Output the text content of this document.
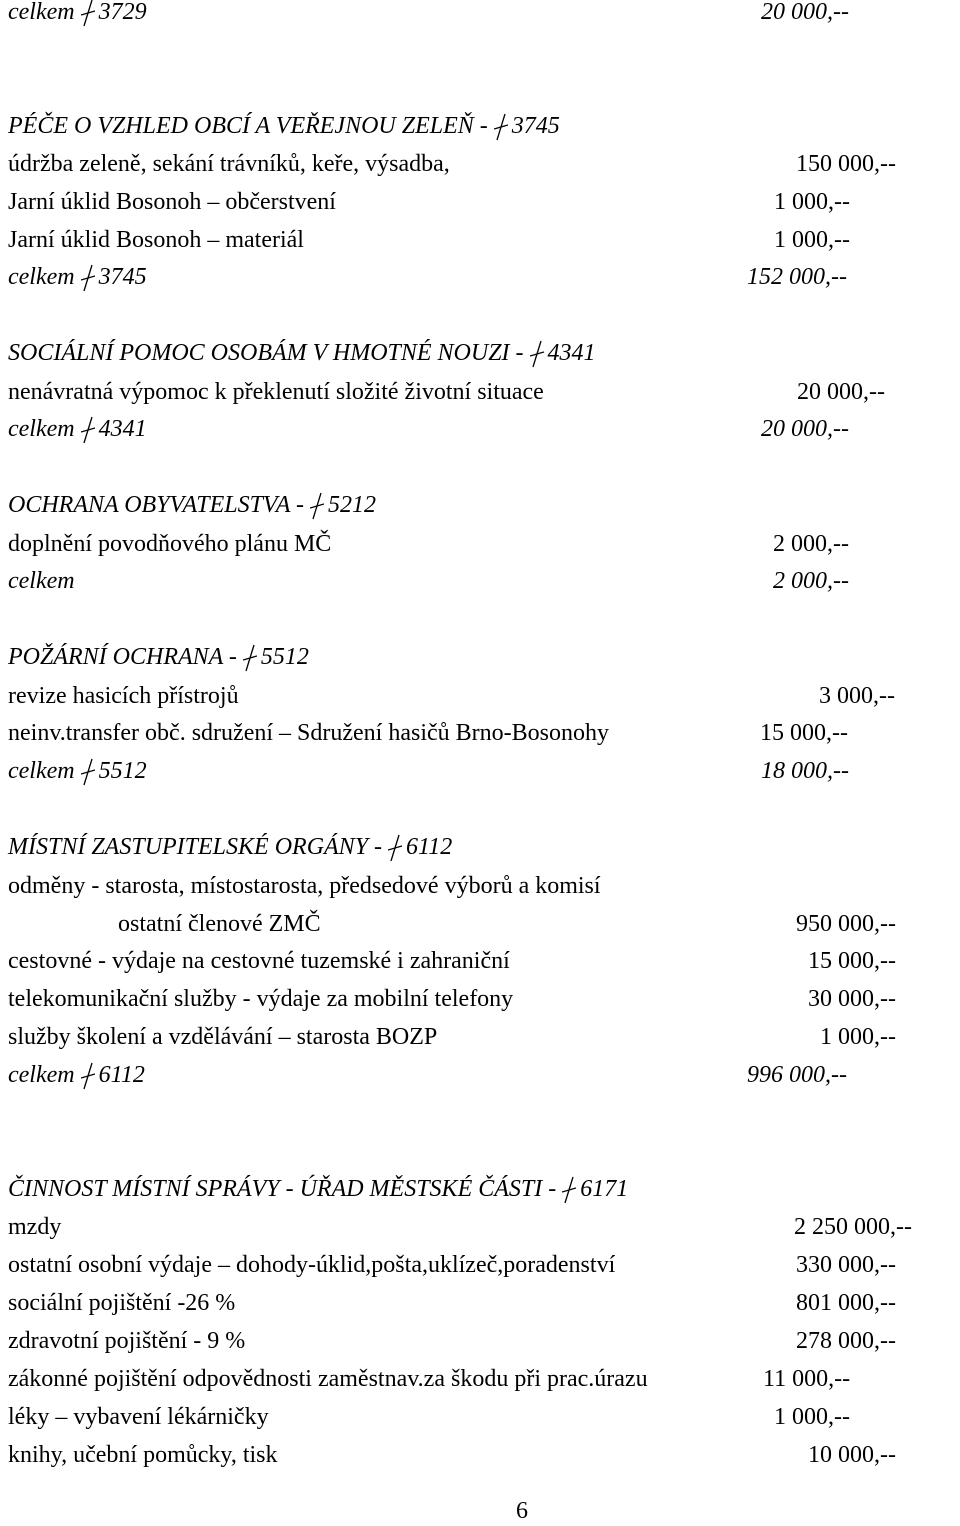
celkem 3729	20 000,--
PÉČE O VZHLED OBCÍ A VEŘEJNOU ZELEŇ - 3745
údržba zeleně, sekání trávníků, keře, výsadba,	150 000,--
Jarní úklid Bosonoh – občerstvení	1 000,--
Jarní úklid Bosonoh – materiál	1 000,--
celkem 3745	152 000,--
SOCIÁLNÍ POMOC OSOBÁM V HMOTNÉ NOUZI - 4341
nenávratná výpomoc k překlenutí složité životní situace	20 000,--
celkem 4341	20 000,--
OCHRANA OBYVATELSTVA - 5212
doplnění povodňového plánu MČ	2 000,--
celkem	2 000,--
POŽÁRNÍ OCHRANA - 5512
revize hasicích přístrojů	3 000,--
neinv.transfer obč. sdružení – Sdružení hasičů Brno-Bosonohy	15 000,--
celkem 5512	18 000,--
MÍSTNÍ ZASTUPITELSKÉ ORGÁNY - 6112
odměny - starosta, místostarosta, předsedové výborů a komisí
ostatní členové ZMČ	950 000,--
cestovné - výdaje na cestovné tuzemské i zahraniční	15 000,--
telekomunikační služby - výdaje za mobilní telefony	30 000,--
služby školení a vzdělávání – starosta BOZP	1 000,--
celkem 6112	996 000,--
ČINNOST MÍSTNÍ SPRÁVY - ÚŘAD MĚSTSKÉ ČÁSTI - 6171
mzdy	2 250 000,--
ostatní osobní výdaje – dohody-úklid,pošta,uklízeč,poradenství	330 000,--
sociální pojištění -26 %	801 000,--
zdravotní pojištění - 9 %	278 000,--
zákonné pojištění odpovědnosti zaměstnav.za škodu při prac.úrazu	11 000,--
léky – vybavení lékárničky	1 000,--
knihy, učební pomůcky, tisk	10 000,--
6
